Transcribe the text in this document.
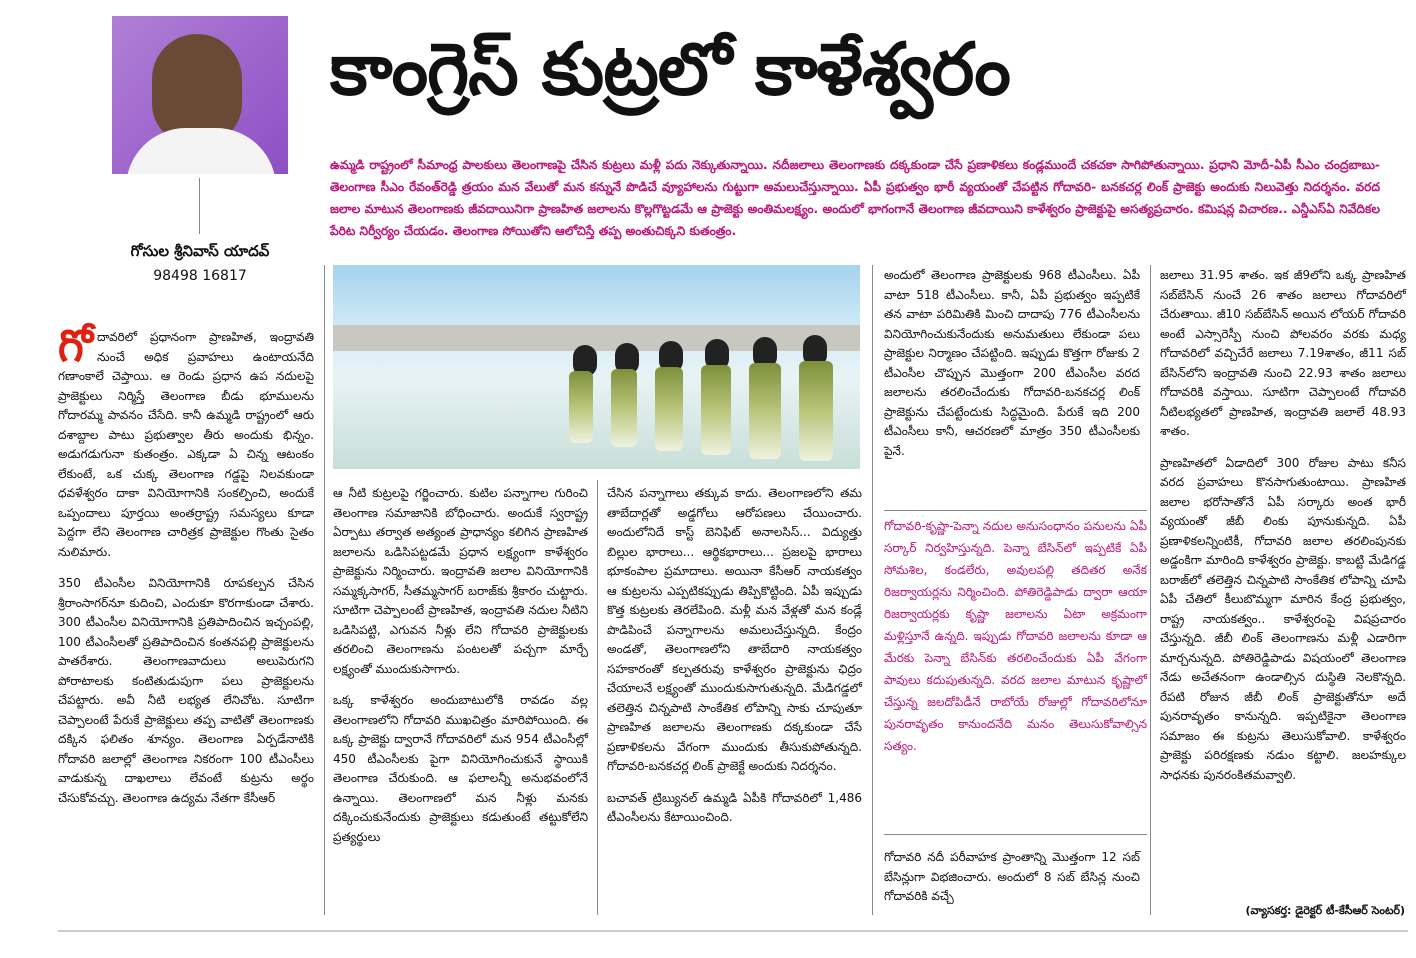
గోసుల శ్రీనివాస్ యాదవ్
98498 16817
కాంగ్రెస్ కుట్రలో కాళేశ్వరం
ఉమ్మడి రాష్ట్రంలో సీమాంధ్ర పాలకులు తెలంగాణపై చేసిన కుట్రలు మళ్లీ పదు నెక్కుతున్నాయి. నదీజలాలు తెలంగాణకు దక్కకుండా చేసే ప్రణాళికలు కండ్లముందే చకచకా సాగిపోతున్నాయి. ప్రధాని మోదీ-ఏపీ సీఎం చంద్రబాబు-తెలంగాణ సీఎం రేవంత్‌రెడ్డి త్రయం మన వేలుతో మన కన్నునే పొడిచే వ్యూహాలను గుట్టుగా అమలుచేస్తున్నాయి. ఏపీ ప్రభుత్వం భారీ వ్యయంతో చేపట్టిన గోదావరి- బనకచర్ల లింక్ ప్రాజెక్టు అందుకు నిలువెత్తు నిదర్శనం. వరద జలాల మాటున తెలంగాణకు జీవదాయినిగా ప్రాణహిత జలాలను కొల్లగొట్టడమే ఆ ప్రాజెక్టు అంతిమలక్ష్యం. అందులో భాగంగానే తెలంగాణ జీవదాయిని కాళేశ్వరం ప్రాజెక్టుపై అసత్యప్రచారం. కమిషన్ల విచారణ.. ఎన్డీఎస్ఏ నివేదికల పేరిట నిర్వీర్యం చేయడం. తెలంగాణ సోయితోని ఆలోచిస్తే తప్ప అంతుచిక్కని కుతంత్రం.

గోదావరిలో ప్రధానంగా ప్రాణహిత, ఇంద్రావతి నుంచే అధిక ప్రవాహలు ఉంటాయనేది గణాంకాలే చెప్తాయి. ఆ రెండు ప్రధాన ఉప నదులపై ప్రాజెక్టులు నిర్మిస్తే తెలంగాణ బీడు భూములను గోదారమ్మ పావనం చేసేది. కానీ ఉమ్మడి రాష్ట్రంలో ఆరు దశాబ్దాల పాటు ప్రభుత్వాల తీరు అందుకు భిన్నం. అడుగడుగునా కుతంత్రం. ఎక్కడా ఏ చిన్న ఆటంకం లేకుంటే, ఒక చుక్క తెలంగాణ గడ్డపై నిలవకుండా ధవళేశ్వరం దాకా వినియోగానికి సంకల్పించి, అందుకే ఒప్పందాలు పూర్తయి అంతర్రాష్ట్ర సమస్యలు కూడా పెద్దగా లేని తెలంగాణ చారిత్రక ప్రాజెక్టుల గొంతు సైతం నులిమారు.

350 టీఎంసీల వినియోగానికి రూపకల్పన చేసిన శ్రీరాంసాగర్‌నూ కుదించి, ఎందుకూ కొరగాకుండా చేశారు. 300 టీఎంసీల వినియోగానికి ప్రతిపాదించిన ఇచ్చంపల్లి, 100 టీఎంసీలతో ప్రతిపాదించిన కంతనపల్లి ప్రాజెక్టులను పాతరేశారు. తెలంగాణవాదులు అలుపెరుగని పోరాటాలకు కంటితుడుపుగా పలు ప్రాజెక్టులను చేపట్టారు. అవీ నీటి లభ్యత లేనిచోట. సూటిగా చెప్పాలంటే పేరుకే ప్రాజెక్టులు తప్ప వాటితో తెలంగాణకు దక్కిన ఫలితం శూన్యం. తెలంగాణ ఏర్పడేనాటికి గోదావరి జలాల్లో తెలంగాణ నికరంగా 100 టీఎంసీలు వాడుకున్న దాఖలాలు లేవంటే కుట్రను అర్థం చేసుకోవచ్చు. తెలంగాణ ఉద్యమ నేతగా కేసీఆర్

ఆ నీటి కుట్రలపై గర్జించారు. కుటిల పన్నాగాల గురించి తెలంగాణ సమాజానికి బోధించారు. అందుకే స్వరాష్ట్ర ఏర్పాటు తర్వాత అత్యంత ప్రాధాన్యం కలిగిన ప్రాణహిత జలాలను ఒడిసిపట్టడమే ప్రధాన లక్ష్యంగా కాళేశ్వరం ప్రాజెక్టును నిర్మించారు. ఇంద్రావతి జలాల వినియోగానికి సమ్మక్కసాగర్, సీతమ్మసాగర్ బరాజ్‌కు శ్రీకారం చుట్టారు. సూటిగా చెప్పాలంటే ప్రాణహిత, ఇంద్రావతి నదుల నీటిని ఒడిసిపట్టి, ఎగువన నీళ్లు లేని గోదావరి ప్రాజెక్టులకు తరలించి తెలంగాణను పంటలతో పచ్చగా మార్చే లక్ష్యంతో ముందుకుసాగారు.

ఒక్క కాళేశ్వరం అందుబాటులోకి రావడం వల్ల తెలంగాణలోని గోదావరి ముఖచిత్రం మారిపోయింది. ఈ ఒక్క ప్రాజెక్టు ద్వారానే గోదావరిలో మన 954 టీఎంసీల్లో 450 టీఎంసీలకు పైగా వినియోగించుకునే స్థాయికి తెలంగాణ చేరుకుంది. ఆ ఫలాలన్నీ అనుభవంలోనే ఉన్నాయి. తెలంగాణలో మన నీళ్లు మనకు దక్కించుకునేందుకు ప్రాజెక్టులు కడుతుంటే తట్టుకోలేని ప్రత్యర్థులు

చేసిన పన్నాగాలు తక్కువ కాదు. తెలంగాణలోని తమ తాబేదార్లతో అడ్డగోలు ఆరోపణలు చేయించారు. అందులోనిదే కాస్ట్ బెనిఫిట్ అనాలసిస్... విద్యుత్తు బిల్లుల భారాలు... ఆర్థికభారాలు... ప్రజలపై భారాలు భూకంపాల ప్రమాదాలు. అయినా కేసీఆర్ నాయకత్వం ఆ కుట్రలను ఎప్పటికప్పుడు తిప్పికొట్టింది. ఏపీ ఇప్పుడు కొత్త కుట్రలకు తెరలేపింది. మళ్లీ మన వేళ్లతో మన కండ్లే పొడిపించే పన్నాగాలను అమలుచేస్తున్నది. కేంద్రం అండతో, తెలంగాణలోని తాబేదారి నాయకత్వం సహకారంతో కల్పతరువు కాళేశ్వరం ప్రాజెక్టును ఛిద్రం చేయాలనే లక్ష్యంతో ముందుకుసాగుతున్నది. మేడిగడ్డలో తలెత్తిన చిన్నపాటి సాంకేతిక లోపాన్ని సాకు చూపుతూ ప్రాణహిత జలాలను తెలంగాణకు దక్కకుండా చేసే ప్రణాళికలను వేగంగా ముందుకు తీసుకుపోతున్నది. గోదావరి-బనకచర్ల లింక్ ప్రాజెక్టే అందుకు నిదర్శనం.

బచావత్ ట్రిబ్యునల్ ఉమ్మడి ఏపీకి గోదావరిలో 1,486 టీఎంసీలను కేటాయించింది.

అందులో తెలంగాణ ప్రాజెక్టులకు 968 టీఎంసీలు. ఏపీ వాటా 518 టీఎంసీలు. కానీ, ఏపీ ప్రభుత్వం ఇప్పటికే తన వాటా పరిమితికి మించి దాదాపు 776 టీఎంసీలను వినియోగించుకునేందుకు అనుమతులు లేకుండా పలు ప్రాజెక్టుల నిర్మాణం చేపట్టింది. ఇప్పుడు కొత్తగా రోజుకు 2 టీఎంసీల చొప్పున మొత్తంగా 200 టీఎంసీల వరద జలాలను తరలించేందుకు గోదావరి-బనకచర్ల లింక్ ప్రాజెక్టును చేపట్టేందుకు సిద్ధమైంది. పేరుకే ఇది 200 టీఎంసీలు కానీ, ఆచరణలో మాత్రం 350 టీఎంసీలకు పైనే.

గోదావరి-కృష్ణా-పెన్నా నదుల అనుసంధానం పనులను ఏపీ సర్కార్ నిర్వహిస్తున్నది. పెన్నా బేసిన్‌లో ఇప్పటికే ఏపీ సోమశిల, కండలేరు, అవులపల్లి తదితర అనేక రిజర్వాయర్లను నిర్మించింది. పోతిరెడ్డిపాడు ద్వారా ఆయా రిజర్వాయర్లకు కృష్ణా జలాలను ఏటా అక్రమంగా మళ్లిస్తూనే ఉన్నది. ఇప్పుడు గోదావరి జలాలను కూడా ఆ మేరకు పెన్నా బేసిన్‌కు తరలించేందుకు ఏపీ వేగంగా పావులు కదుపుతున్నది. వరద జలాల మాటున కృష్ణాలో చేస్తున్న జలదోపిడీనే రాబోయే రోజుల్లో గోదావరిలోనూ పునరావృతం కానుందనేది మనం తెలుసుకోవాల్సిన సత్యం.
గోదావరి నదీ పరీవాహక ప్రాంతాన్ని మొత్తంగా 12 సబ్ బేసిన్లుగా విభజించారు. అందులో 8 సబ్ బేసిన్ల నుంచి గోదావరికి వచ్చే

జలాలు 31.95 శాతం. ఇక జీ9లోని ఒక్క ప్రాణహిత సబ్‌బేసిన్ నుంచే 26 శాతం జలాలు గోదావరిలో చేరుతాయి. జీ10 సబ్‌బేసిన్ అయిన లోయర్ గోదావరి అంటే ఎస్సారెస్పీ నుంచి పోలవరం వరకు మధ్య గోదావరిలో వచ్చిచేరే జలాలు 7.19శాతం, జీ11 సబ్ బేసిన్‌లోని ఇంద్రావతి నుంచి 22.93 శాతం జలాలు గోదావరికి వస్తాయి. సూటిగా చెప్పాలంటే గోదావరి నీటిలభ్యతలో ప్రాణహిత, ఇంద్రావతి జలాలే 48.93 శాతం.

ప్రాణహితలో ఏడాదిలో 300 రోజుల పాటు కనీస వరద ప్రవాహలు కొనసాగుతుంటాయి. ప్రాణహిత జలాల భరోసాతోనే ఏపీ సర్కారు అంత భారీ వ్యయంతో జీబీ లింకు పూనుకున్నది. ఏపీ ప్రణాళికలన్నింటికీ, గోదావరి జలాల తరలింపునకు అడ్డంకిగా మారింది కాళేశ్వరం ప్రాజెక్టు. కాబట్టి మేడిగడ్డ బరాజ్‌లో తలెత్తిన చిన్నపాటి సాంకేతిక లోపాన్ని చూపి ఏపీ చేతిలో కీలుబొమ్మగా మారిన కేంద్ర ప్రభుత్వం, రాష్ట్ర నాయకత్వం.. కాళేశ్వరంపై విషప్రచారం చేస్తున్నది. జీబీ లింక్ తెలంగాణను మళ్లీ ఎడారిగా మార్చనున్నది. పోతిరెడ్డిపాడు విషయంలో తెలంగాణ నేడు అచేతనంగా ఉండాల్సిన దుస్థితి నెలకొన్నది. రేపటి రోజున జీబీ లింక్ ప్రాజెక్టుతోనూ అదే పునరావృతం కానున్నది. ఇప్పటికైనా తెలంగాణ సమాజం ఈ కుట్రను తెలుసుకోవాలి. కాళేశ్వరం ప్రాజెక్టు పరిరక్షణకు నడుం కట్టాలి. జలహక్కుల సాధనకు పునరంకితమవ్వాలి.

(వ్యాసకర్త: డైరెక్టర్ టీ-కేసీఆర్ సెంటర్)
